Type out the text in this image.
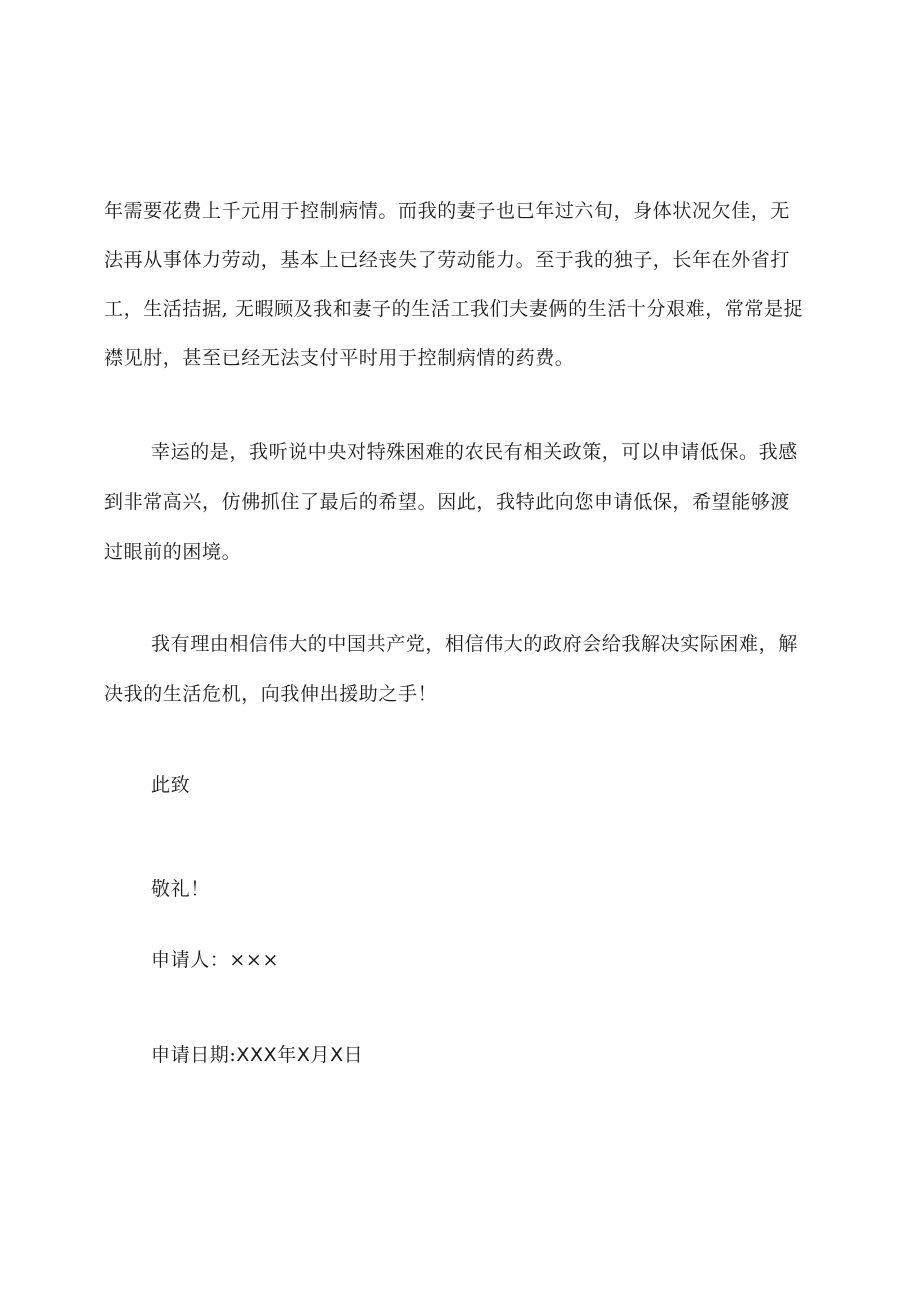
年需要花费上千元用于控制病情。而我的妻子也已年过六旬，身体状况欠佳，无
法再从事体力劳动，基本上已经丧失了劳动能力。至于我的独子，长年在外省打
工，生活拮据, 无暇顾及我和妻子的生活工我们夫妻俩的生活十分艰难，常常是捉
襟见肘，甚至已经无法支付平时用于控制病情的药费。
幸运的是，我听说中央对特殊困难的农民有相关政策，可以申请低保。我感
到非常高兴，仿佛抓住了最后的希望。因此，我特此向您申请低保，希望能够渡
过眼前的困境。
我有理由相信伟大的中国共产党，相信伟大的政府会给我解决实际困难，解
决我的生活危机，向我伸出援助之手！
此致
敬礼！
申请人：×××
申请日期:XXX年X月X日
